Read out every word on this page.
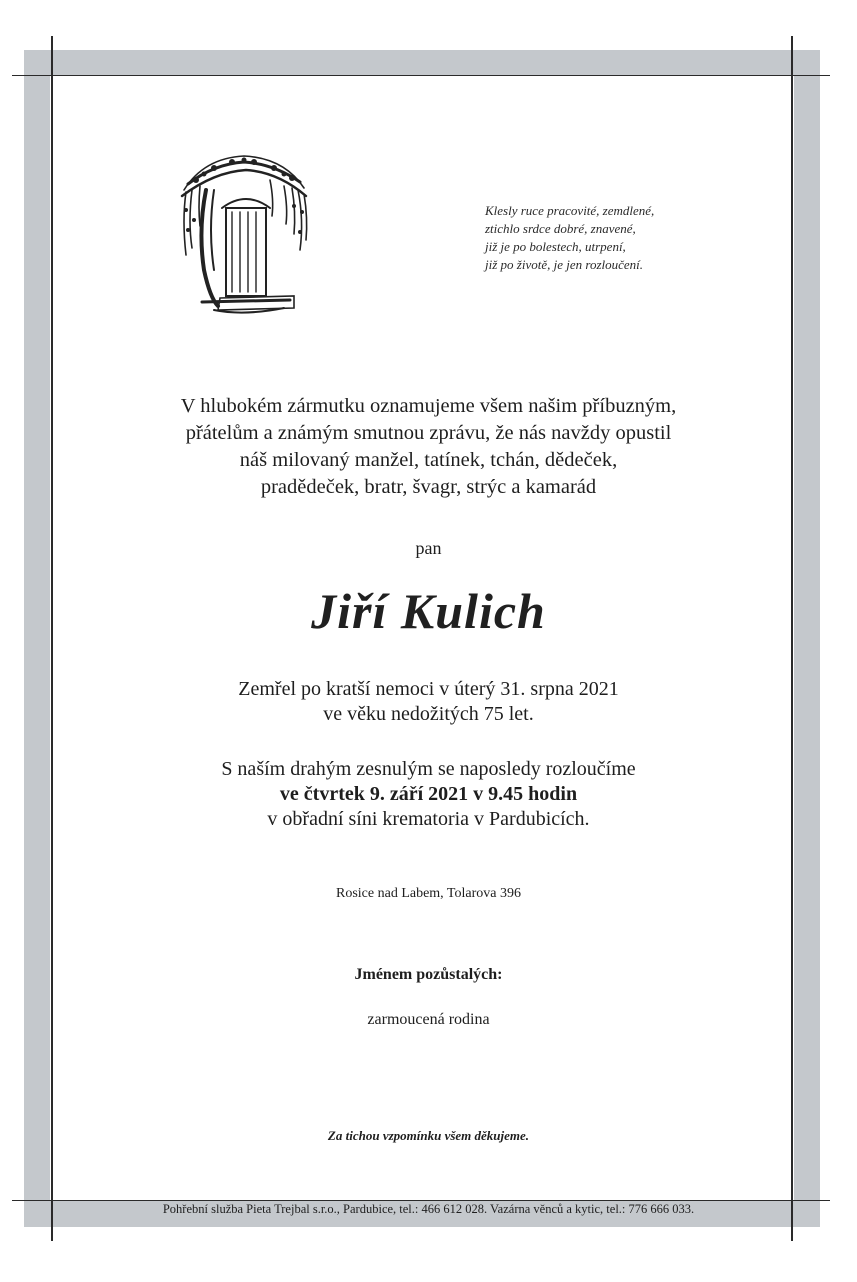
Klesly ruce pracovité, zemdlené,
ztichlo srdce dobré, znavené,
již je po bolestech, utrpení,
již po životě, je jen rozloučení.
V hlubokém zármutku oznamujeme všem našim příbuzným,
přátelům a známým smutnou zprávu, že nás navždy opustil
náš milovaný manžel, tatínek, tchán, dědeček,
pradědeček, bratr, švagr, strýc a kamarád
pan
Jiří Kulich
Zemřel po kratší nemoci v úterý 31. srpna 2021
ve věku nedožitých 75 let.
S naším drahým zesnulým se naposledy rozloučíme
ve čtvrtek 9. září 2021 v 9.45 hodin
v obřadní síni krematoria v Pardubicích.
Rosice nad Labem, Tolarova 396
Jménem pozůstalých:
zarmoucená rodina
Za tichou vzpomínku všem děkujeme.
Pohřební služba Pieta Trejbal s.r.o., Pardubice, tel.: 466 612 028. Vazárna věnců a kytic, tel.: 776 666 033.
